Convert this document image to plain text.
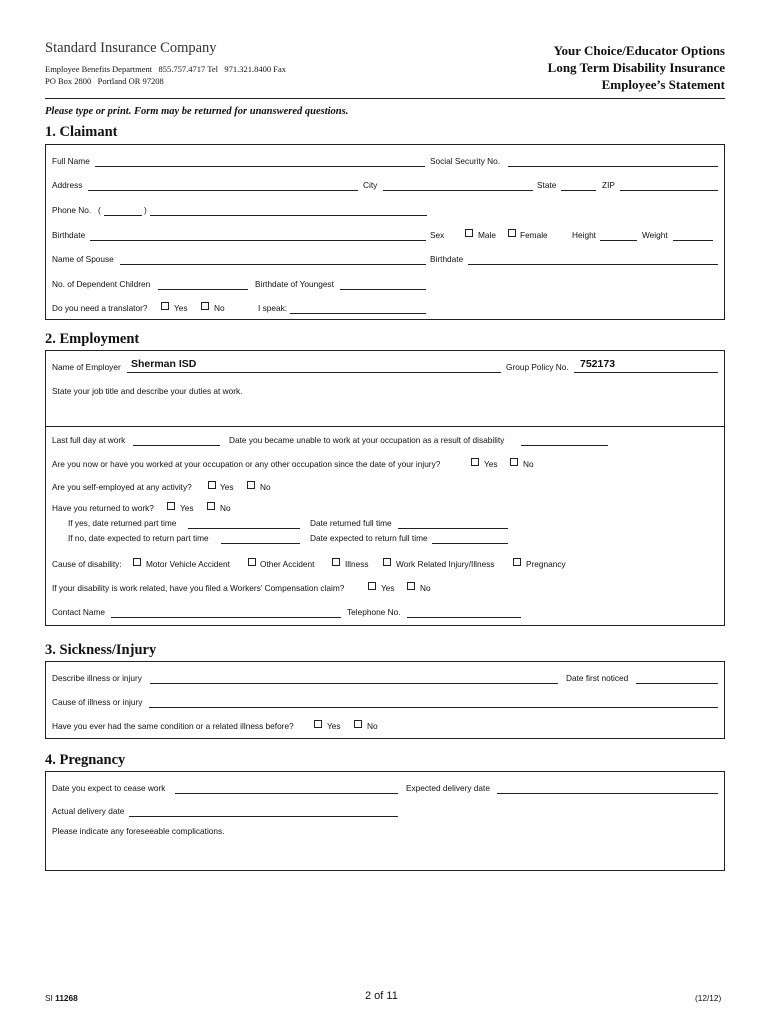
Standard Insurance Company
Employee Benefits Department   855.757.4717 Tel   971.321.8400 Fax
PO Box 2800   Portland OR 97208
Your Choice/Educator Options
Long Term Disability Insurance
Employee’s Statement
Please type or print. Form may be returned for unanswered questions.
1. Claimant
Full Name	Social Security No.
Address	City	State	ZIP
Phone No. (	)
Birthdate	Sex	Male	Female	Height	Weight
Name of Spouse	Birthdate
No. of Dependent Children	Birthdate of Youngest
Do you need a translator?	Yes	No	I speak:
2. Employment
Name of Employer Sherman ISD	Group Policy No. 752173
State your job title and describe your duties at work.
Last full day at work	Date you became unable to work at your occupation as a result of disability
Are you now or have you worked at your occupation or any other occupation since the date of your injury?	Yes	No
Are you self-employed at any activity?	Yes	No
Have you returned to work?	Yes	No
If yes, date returned part time	Date returned full time
If no, date expected to return part time	Date expected to return full time
Cause of disability:	Motor Vehicle Accident	Other Accident	Illness	Work Related Injury/Illness	Pregnancy
If your disability is work related, have you filed a Workers’ Compensation claim?	Yes	No
Contact Name	Telephone No.
3. Sickness/Injury
Describe illness or injury	Date first noticed
Cause of illness or injury
Have you ever had the same condition or a related illness before?	Yes	No
4. Pregnancy
Date you expect to cease work	Expected delivery date
Actual delivery date
Please indicate any foreseeable complications.
SI 11268	2 of 11	(12/12)
